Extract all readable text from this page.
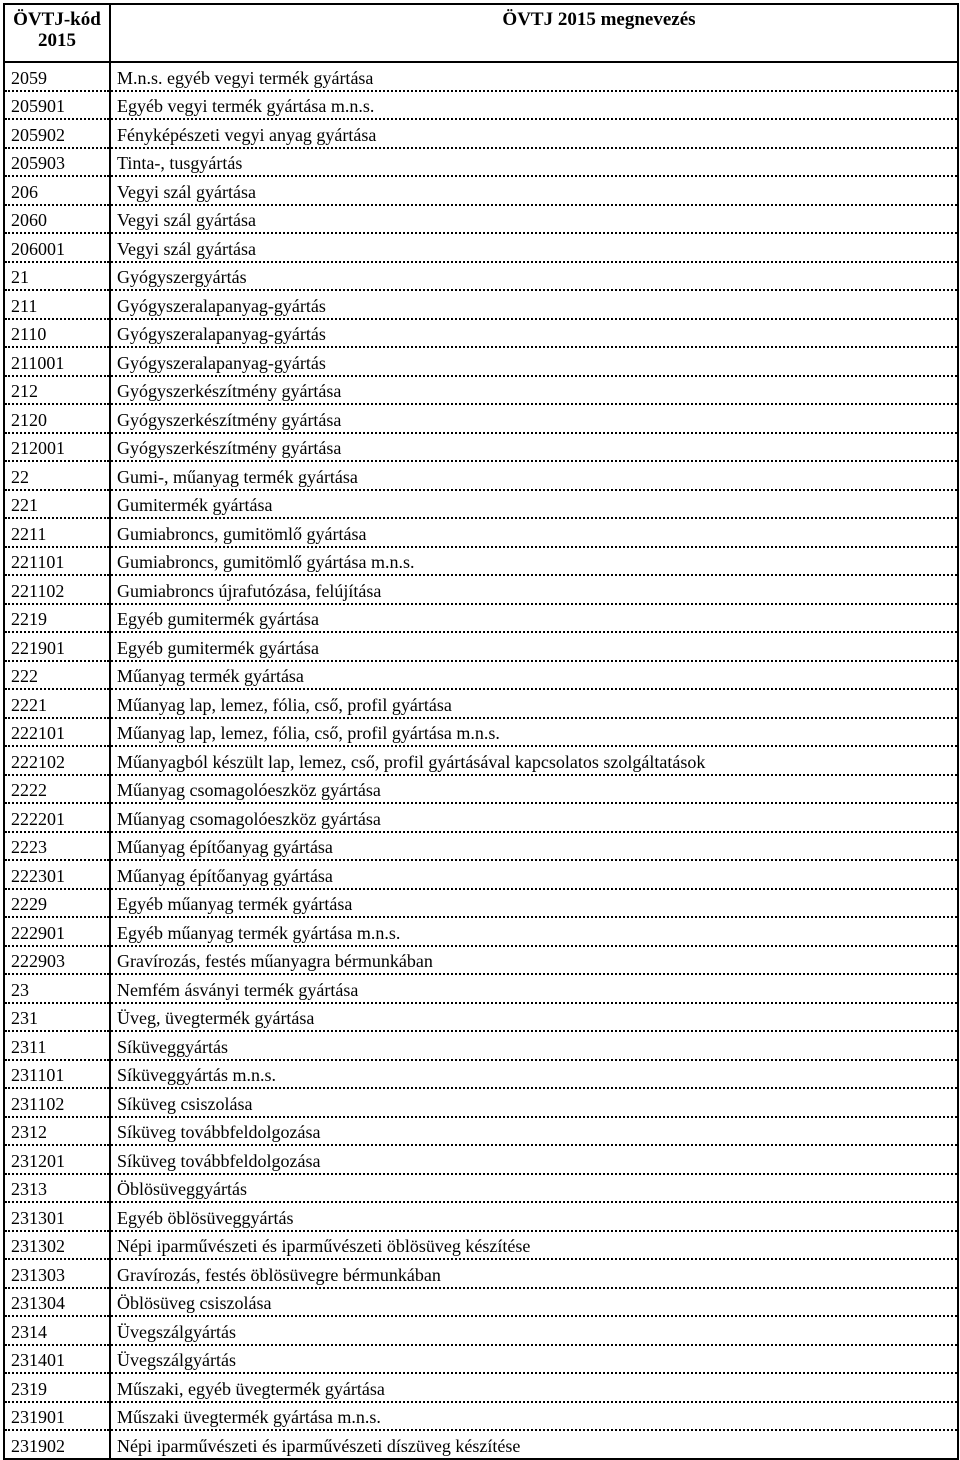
ÖVTJ-kód
2015	ÖVTJ 2015 megnevezés
2059	M.n.s. egyéb vegyi termék gyártása
205901	Egyéb vegyi termék gyártása m.n.s.
205902	Fényképészeti vegyi anyag gyártása
205903	Tinta-, tusgyártás
206	Vegyi szál gyártása
2060	Vegyi szál gyártása
206001	Vegyi szál gyártása
21	Gyógyszergyártás
211	Gyógyszeralapanyag-gyártás
2110	Gyógyszeralapanyag-gyártás
211001	Gyógyszeralapanyag-gyártás
212	Gyógyszerkészítmény gyártása
2120	Gyógyszerkészítmény gyártása
212001	Gyógyszerkészítmény gyártása
22	Gumi-, műanyag termék gyártása
221	Gumitermék gyártása
2211	Gumiabroncs, gumitömlő gyártása
221101	Gumiabroncs, gumitömlő gyártása m.n.s.
221102	Gumiabroncs újrafutózása, felújítása
2219	Egyéb gumitermék gyártása
221901	Egyéb gumitermék gyártása
222	Műanyag termék gyártása
2221	Műanyag lap, lemez, fólia, cső, profil gyártása
222101	Műanyag lap, lemez, fólia, cső, profil gyártása m.n.s.
222102	Műanyagból készült lap, lemez, cső, profil gyártásával kapcsolatos szolgáltatások
2222	Műanyag csomagolóeszköz gyártása
222201	Műanyag csomagolóeszköz gyártása
2223	Műanyag építőanyag gyártása
222301	Műanyag építőanyag gyártása
2229	Egyéb műanyag termék gyártása
222901	Egyéb műanyag termék gyártása m.n.s.
222903	Gravírozás, festés műanyagra bérmunkában
23	Nemfém ásványi termék gyártása
231	Üveg, üvegtermék gyártása
2311	Síküveggyártás
231101	Síküveggyártás m.n.s.
231102	Síküveg csiszolása
2312	Síküveg továbbfeldolgozása
231201	Síküveg továbbfeldolgozása
2313	Öblösüveggyártás
231301	Egyéb öblösüveggyártás
231302	Népi iparművészeti és iparművészeti öblösüveg készítése
231303	Gravírozás, festés öblösüvegre bérmunkában
231304	Öblösüveg csiszolása
2314	Üvegszálgyártás
231401	Üvegszálgyártás
2319	Műszaki, egyéb üvegtermék gyártása
231901	Műszaki üvegtermék gyártása m.n.s.
231902	Népi iparművészeti és iparművészeti díszüveg készítése
